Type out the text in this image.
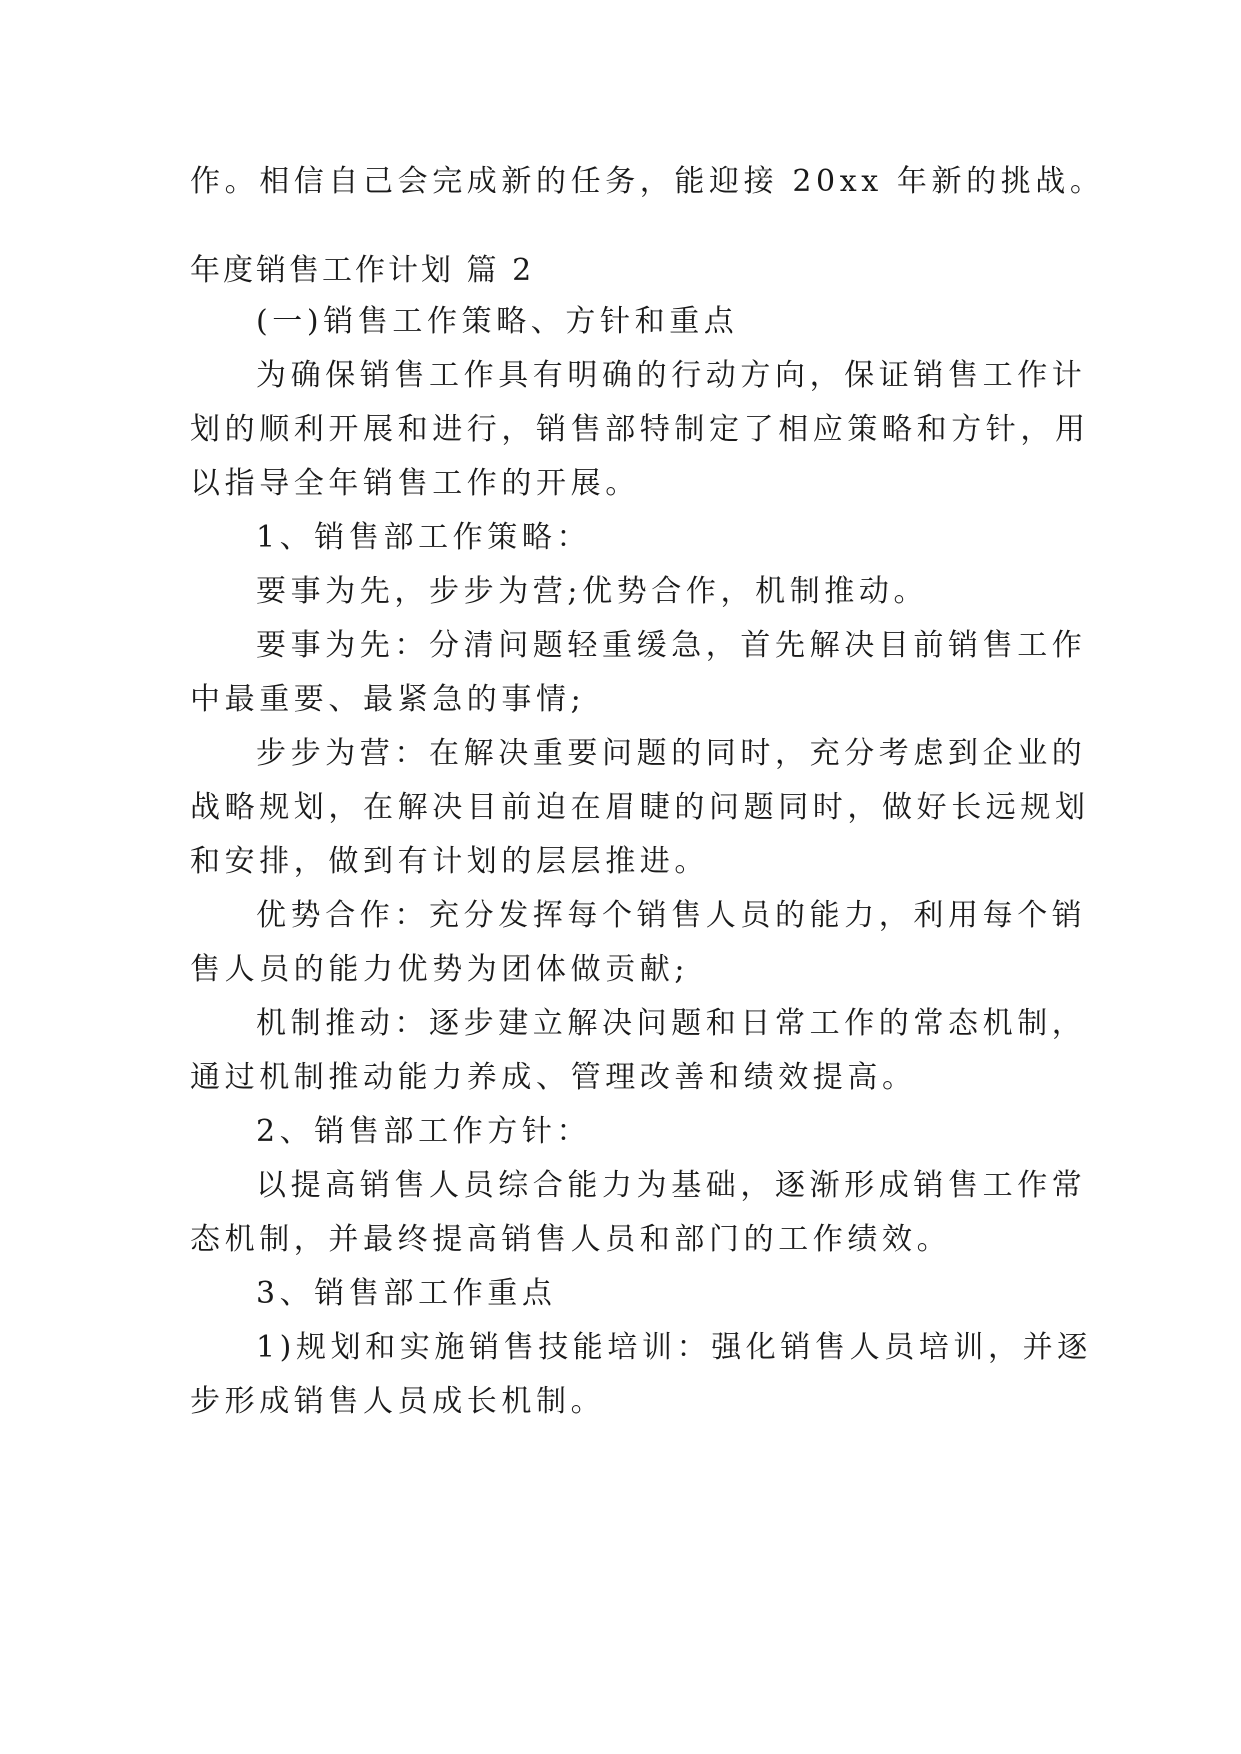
作。相信自己会完成新的任务，能迎接 20xx 年新的挑战。
年度销售工作计划 篇 2
(一)销售工作策略、方针和重点
为确保销售工作具有明确的行动方向，保证销售工作计
划的顺利开展和进行，销售部特制定了相应策略和方针，用
以指导全年销售工作的开展。
1、销售部工作策略：
要事为先，步步为营;优势合作，机制推动。
要事为先：分清问题轻重缓急，首先解决目前销售工作
中最重要、最紧急的事情;
步步为营：在解决重要问题的同时，充分考虑到企业的
战略规划，在解决目前迫在眉睫的问题同时，做好长远规划
和安排，做到有计划的层层推进。
优势合作：充分发挥每个销售人员的能力，利用每个销
售人员的能力优势为团体做贡献;
机制推动：逐步建立解决问题和日常工作的常态机制，
通过机制推动能力养成、管理改善和绩效提高。
2、销售部工作方针：
以提高销售人员综合能力为基础，逐渐形成销售工作常
态机制，并最终提高销售人员和部门的工作绩效。
3、销售部工作重点
1)规划和实施销售技能培训：强化销售人员培训，并逐
步形成销售人员成长机制。
